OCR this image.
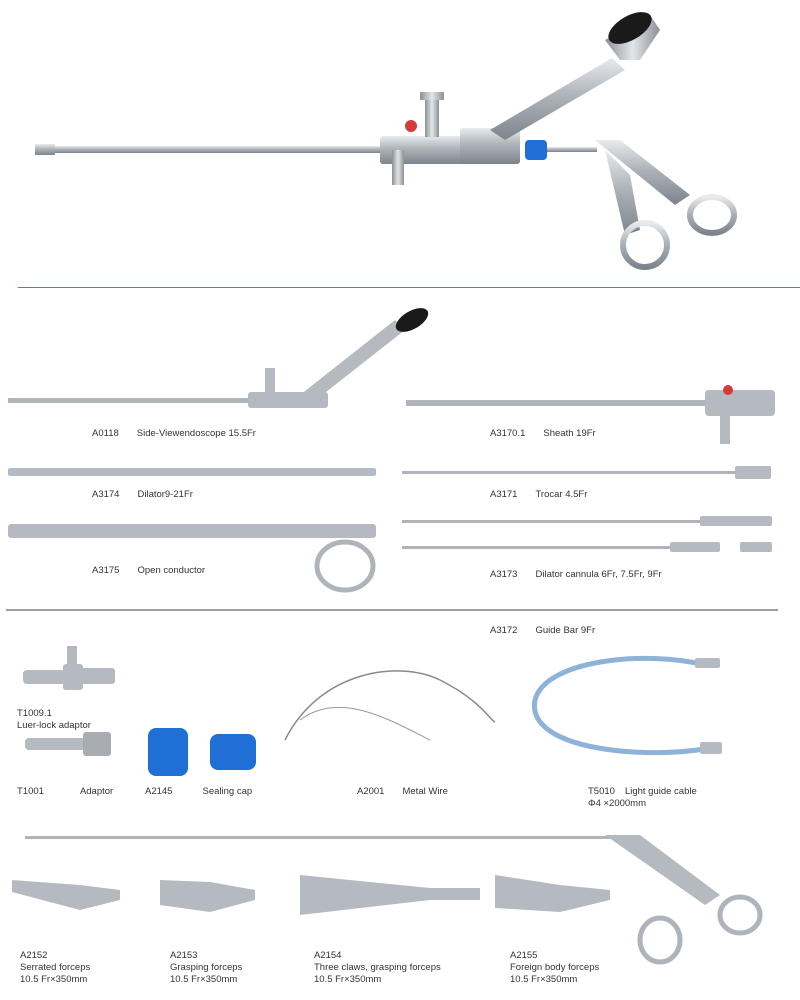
A0118 Side-Viewendoscope 15.5Fr	A3170.1 Sheath 19Fr
A3174 Dilator9-21Fr	A3171 Trocar 4.5Fr
A3175 Open conductor	A3173 Dilator cannula 6Fr, 7.5Fr, 9Fr
A3172 Guide Bar 9Fr
T1009.1
Luer-lock adaptor
T1001	Adaptor	A2145	Sealing cap	A2001 Metal Wire	T5010 Light guide cable
Φ4 ×2000mm
A2152
Serrated forceps
10.5 Fr×350mm
A2153
Grasping forceps
10.5 Fr×350mm
A2154
Three claws, grasping forceps
10.5 Fr×350mm
A2155
Foreign body forceps
10.5 Fr×350mm
